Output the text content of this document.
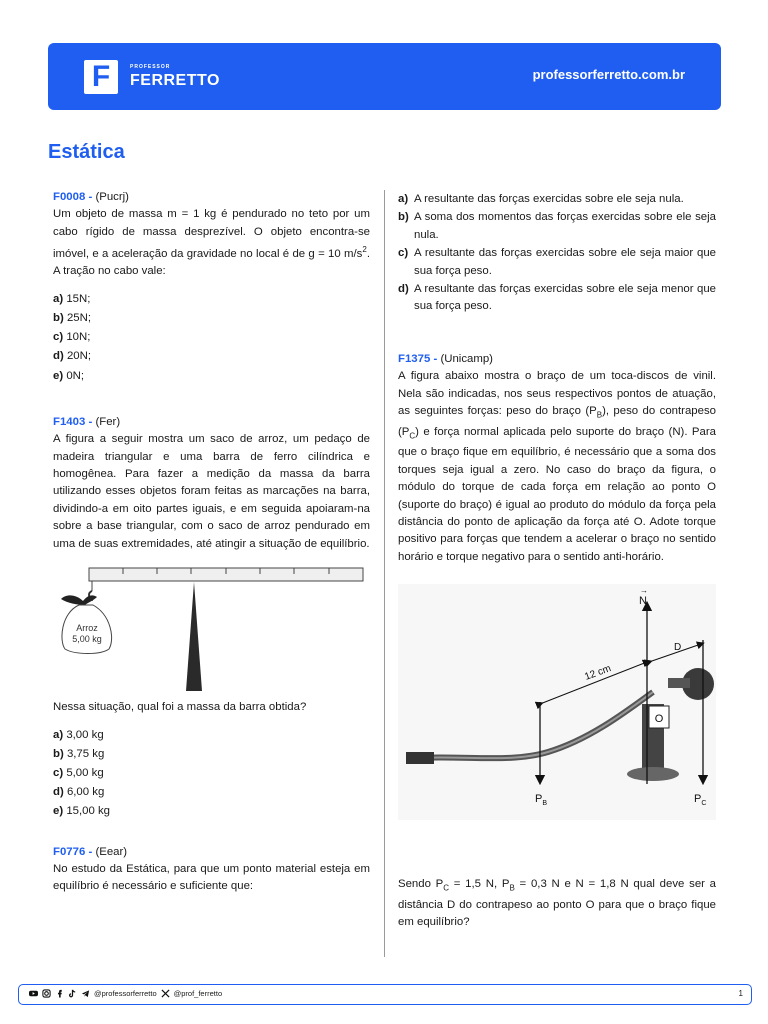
F	PROFESSOR
FERRETTO	professorferretto.com.br
Estática
F0008 - (Pucrj)
Um objeto de massa m = 1 kg é pendurado no teto por um cabo rígido de massa desprezível. O objeto encontra-se imóvel, e a aceleração da gravidade no local é de g = 10 $m/s^2$. A tração no cabo vale:
a) 15N;
b) 25N;
c) 10N;
d) 20N;
e) 0N;
F1403 - (Fer)
A figura a seguir mostra um saco de arroz, um pedaço de madeira triangular e uma barra de ferro cilíndrica e homogênea. Para fazer a medição da massa da barra utilizando esses objetos foram feitas as marcações na barra, dividindo-a em oito partes iguais, e em seguida apoiaram-na sobre a base triangular, com o saco de arroz pendurado em uma de suas extremidades, até atingir a situação de equilíbrio.
Arroz
5,00 kg
Nessa situação, qual foi a massa da barra obtida?
a) 3,00 kg
b) 3,75 kg
c) 5,00 kg
d) 6,00 kg
e) 15,00 kg
F0776 - (Eear)
No estudo da Estática, para que um ponto material esteja em equilíbrio é necessário e suficiente que:
a) A resultante das forças exercidas sobre ele seja nula.
b) A soma dos momentos das forças exercidas sobre ele seja nula.
c) A resultante das forças exercidas sobre ele seja maior que sua força peso.
d) A resultante das forças exercidas sobre ele seja menor que sua força peso.
F1375 - (Unicamp)
A figura abaixo mostra o braço de um toca-discos de vinil. Nela são indicadas, nos seus respectivos pontos de atuação, as seguintes forças: peso do braço $(P_B)$, peso do contrapeso $(P_C)$ e força normal aplicada pelo suporte do braço (N). Para que o braço fique em equilíbrio, é necessário que a soma dos torques seja igual a zero. No caso do braço da figura, o módulo do torque de cada força em relação ao ponto O (suporte do braço) é igual ao produto do módulo da força pela distância do ponto de aplicação da força até O. Adote torque positivo para forças que tendem a acelerar o braço no sentido horário e torque negativo para o sentido anti-horário.
O
N
→
$P_B$	$P_C$
12 cm
D
Sendo $P_C = 1,5$ N, $P_B = 0,3$ N e N = 1,8 N qual deve ser a distância D do contrapeso ao ponto O para que o braço fique em equilíbrio?
@professorferretto @prof_ferretto	1
